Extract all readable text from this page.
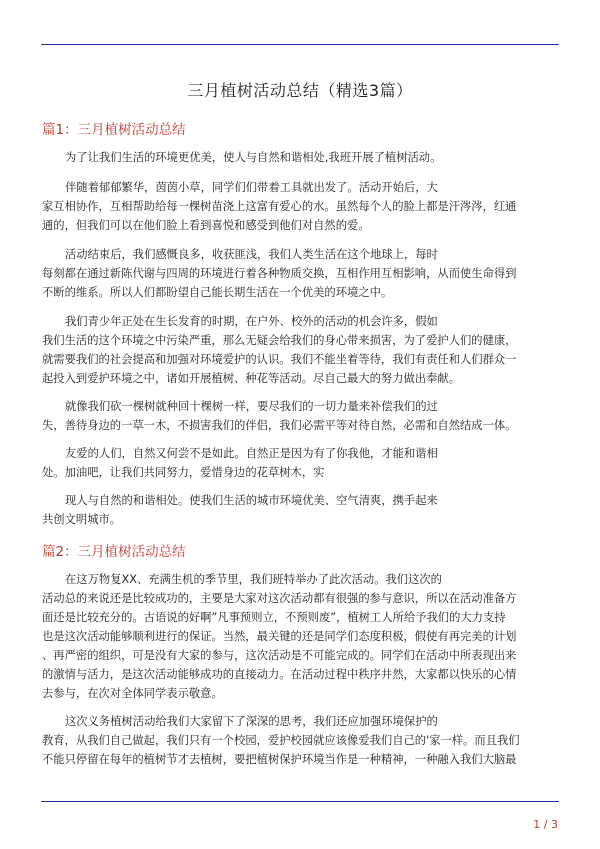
三月植树活动总结（精选3篇）
篇1：三月植树活动总结
为了让我们生活的环境更优美，使人与自然和谐相处,我班开展了植树活动。
伴随着郁郁繁华，茵茵小草，同学们们带着工具就出发了。活动开始后，大
家互相协作，互相帮助给每一棵树苗浇上这富有爱心的水。虽然每个人的脸上都是汗涔涔，红通
通的，但我们可以在他们脸上看到喜悦和感受到他们对自然的爱。
活动结束后，我们感慨良多，收获匪浅，我们人类生活在这个地球上，每时
每刻都在通过新陈代谢与四周的环境进行着各种物质交换，互相作用互相影响，从而使生命得到
不断的维系。所以人们都盼望自己能长期生活在一个优美的环境之中。
我们青少年正处在生长发育的时期，在户外、校外的活动的机会许多，假如
我们生活的这个环境之中污染严重，那么无疑会给我们的身心带来损害，为了爱护人们的健康，
就需要我们的社会提高和加强对环境爱护的认识。我们不能坐着等待，我们有责任和人们群众一
起投入到爱护环境之中，诸如开展植树、种花等活动。尽自己最大的努力做出奉献。
就像我们砍一棵树就种回十棵树一样，要尽我们的一切力量来补偿我们的过
失，善待身边的一草一木，不损害我们的伴侣，我们必需平等对待自然，必需和自然结成一体。
友爱的人们，自然又何尝不是如此。自然正是因为有了你我他，才能和谐相
处。加油吧，让我们共同努力，爱惜身边的花草树木，实
现人与自然的和谐相处。使我们生活的城市环境优美、空气清爽，携手起来
共创文明城市。
篇2：三月植树活动总结
在这万物复XX、充满生机的季节里，我们班特举办了此次活动。我们这次的
活动总的来说还是比较成功的，主要是大家对这次活动都有很强的参与意识，所以在活动准备方
面还是比较充分的。古语说的好啊”凡事预则立，不预则废”，植树工人所给予我们的大力支持
也是这次活动能够顺利进行的保证。当然，最关键的还是同学们态度积极，假使有再完美的计划
、再严密的组织，可是没有大家的参与，这次活动是不可能完成的。同学们在活动中所表现出来
的激情与活力，是这次活动能够成功的直接动力。在活动过程中秩序井然，大家都以快乐的心情
去参与，在次对全体同学表示敬意。
这次义务植树活动给我们大家留下了深深的思考，我们还应加强环境保护的
教育，从我们自己做起，我们只有一个校园，爱护校园就应该像爱我们自己的'家一样。而且我们
不能只停留在每年的植树节才去植树，要把植树保护环境当作是一种精神，一种融入我们大脑最
1 / 3
